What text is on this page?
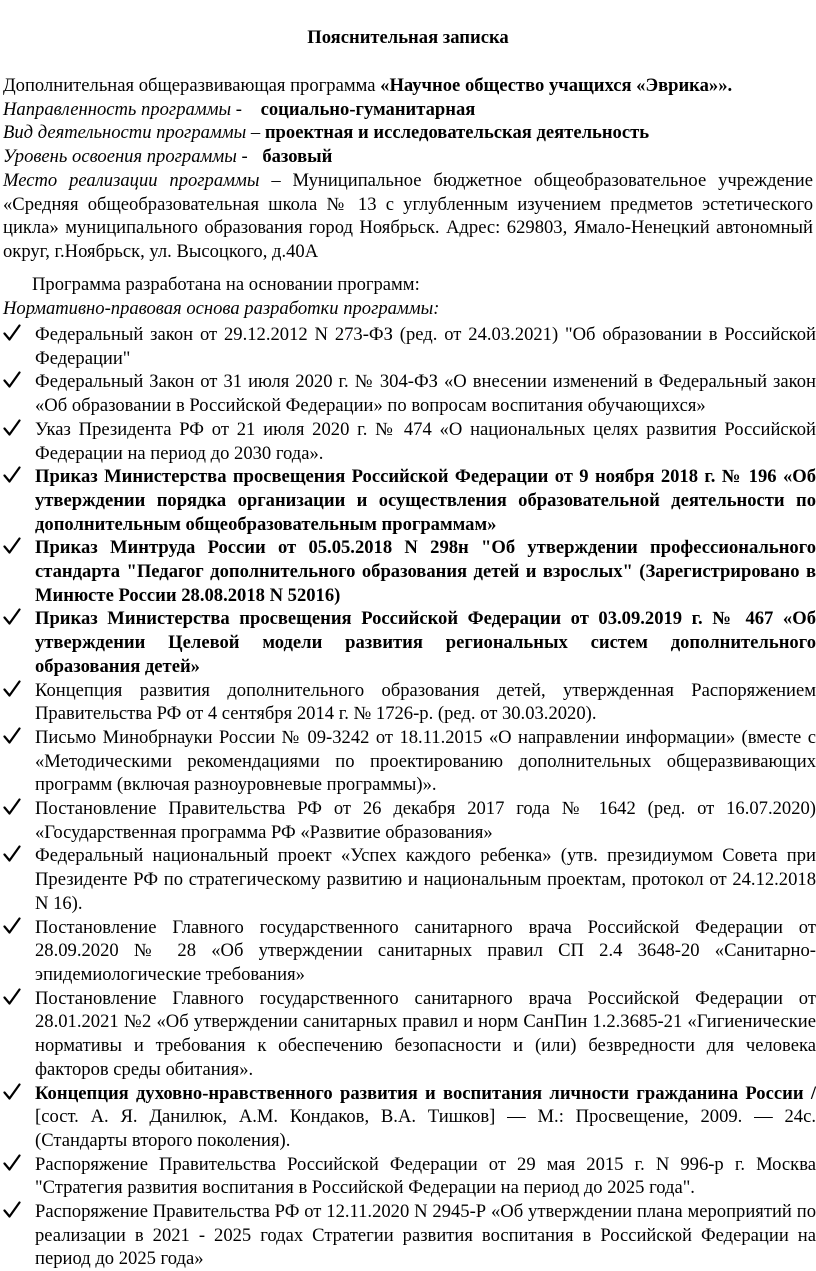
Пояснительная записка

Дополнительная общеразвивающая программа «Научное общество учащихся «Эврика»».

Направленность программы - социально-гуманитарная

Вид деятельности программы – проектная и исследовательская деятельность

Уровень освоения программы - базовый

Место реализации программы – Муниципальное бюджетное общеобразовательное учреждение «Средняя общеобразовательная школа № 13 с углубленным изучением предметов эстетического цикла» муниципального образования город Ноябрьск. Адрес: 629803, Ямало-Ненецкий автономный округ, г.Ноябрьск, ул. Высоцкого, д.40А

Программа разработана на основании программ:

Нормативно-правовая основа разработки программы:

Федеральный закон от 29.12.2012 N 273-ФЗ (ред. от 24.03.2021) "Об образовании в Российской Федерации"
Федеральный Закон от 31 июля 2020 г. № 304-ФЗ «О внесении изменений в Федеральный закон «Об образовании в Российской Федерации» по вопросам воспитания обучающихся»
Указ Президента РФ от 21 июля 2020 г. № 474 «О национальных целях развития Российской Федерации на период до 2030 года».
Приказ Министерства просвещения Российской Федерации от 9 ноября 2018 г. № 196 «Об утверждении порядка организации и осуществления образовательной деятельности по дополнительным общеобразовательным программам»
Приказ Минтруда России от 05.05.2018 N 298н "Об утверждении профессионального стандарта "Педагог дополнительного образования детей и взрослых" (Зарегистрировано в Минюсте России 28.08.2018 N 52016)
Приказ Министерства просвещения Российской Федерации от 03.09.2019 г. № 467 «Об утверждении Целевой модели развития региональных систем дополнительного образования детей»
Концепция развития дополнительного образования детей, утвержденная Распоряжением Правительства РФ от 4 сентября 2014 г. № 1726-р. (ред. от 30.03.2020).
Письмо Минобрнауки России № 09-3242 от 18.11.2015 «О направлении информации» (вместе с «Методическими рекомендациями по проектированию дополнительных общеразвивающих программ (включая разноуровневые программы)».
Постановление Правительства РФ от 26 декабря 2017 года № 1642 (ред. от 16.07.2020) «Государственная программа РФ «Развитие образования»
Федеральный национальный проект «Успех каждого ребенка» (утв. президиумом Совета при Президенте РФ по стратегическому развитию и национальным проектам, протокол от 24.12.2018 N 16).
Постановление Главного государственного санитарного врача Российской Федерации от 28.09.2020 № 28 «Об утверждении санитарных правил СП 2.4 3648-20 «Санитарно-эпидемиологические требования»
Постановление Главного государственного санитарного врача Российской Федерации от 28.01.2021 №2 «Об утверждении санитарных правил и норм СанПин 1.2.3685-21 «Гигиенические нормативы и требования к обеспечению безопасности и (или) безвредности для человека факторов среды обитания».
Концепция духовно-нравственного развития и воспитания личности гражданина России / [сост. А. Я. Данилюк, А.М. Кондаков, В.А. Тишков] — М.: Просвещение, 2009. — 24с. (Стандарты второго поколения).
Распоряжение Правительства Российской Федерации от 29 мая 2015 г. N 996-р г. Москва "Стратегия развития воспитания в Российской Федерации на период до 2025 года".
Распоряжение Правительства РФ от 12.11.2020 N 2945-Р «Об утверждении плана мероприятий по реализации в 2021 - 2025 годах Стратегии развития воспитания в Российской Федерации на период до 2025 года»
